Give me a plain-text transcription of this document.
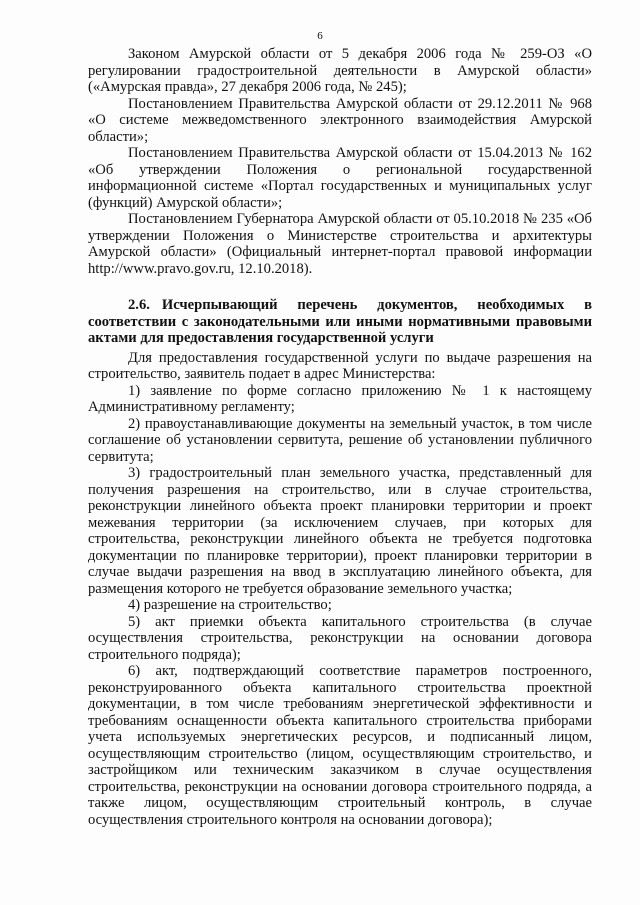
6

Законом Амурской области от 5 декабря 2006 года № 259-ОЗ «О регулировании градостроительной деятельности в Амурской области» («Амурская правда», 27 декабря 2006 года, № 245);

Постановлением Правительства Амурской области от 29.12.2011 № 968 «О системе межведомственного электронного взаимодействия Амурской области»;

Постановлением Правительства Амурской области от 15.04.2013 № 162 «Об утверждении Положения о региональной государственной информационной системе «Портал государственных и муниципальных услуг (функций) Амурской области»;

Постановлением Губернатора Амурской области от 05.10.2018 № 235 «Об утверждении Положения о Министерстве строительства и архитектуры Амурской области» (Официальный интернет-портал правовой информации http://www.pravo.gov.ru, 12.10.2018).

2.6. Исчерпывающий перечень документов, необходимых в соответствии с законодательными или иными нормативными правовыми актами для предоставления государственной услуги

Для предоставления государственной услуги по выдаче разрешения на строительство, заявитель подает в адрес Министерства:

1) заявление по форме согласно приложению № 1 к настоящему Административному регламенту;

2) правоустанавливающие документы на земельный участок, в том числе соглашение об установлении сервитута, решение об установлении публичного сервитута;

3) градостроительный план земельного участка, представленный для получения разрешения на строительство, или в случае строительства, реконструкции линейного объекта проект планировки территории и проект межевания территории (за исключением случаев, при которых для строительства, реконструкции линейного объекта не требуется подготовка документации по планировке территории), проект планировки территории в случае выдачи разрешения на ввод в эксплуатацию линейного объекта, для размещения которого не требуется образование земельного участка;

4) разрешение на строительство;

5) акт приемки объекта капитального строительства (в случае осуществления строительства, реконструкции на основании договора строительного подряда);

6) акт, подтверждающий соответствие параметров построенного, реконструированного объекта капитального строительства проектной документации, в том числе требованиям энергетической эффективности и требованиям оснащенности объекта капитального строительства приборами учета используемых энергетических ресурсов, и подписанный лицом, осуществляющим строительство (лицом, осуществляющим строительство, и застройщиком или техническим заказчиком в случае осуществления строительства, реконструкции на основании договора строительного подряда, а также лицом, осуществляющим строительный контроль, в случае осуществления строительного контроля на основании договора);
